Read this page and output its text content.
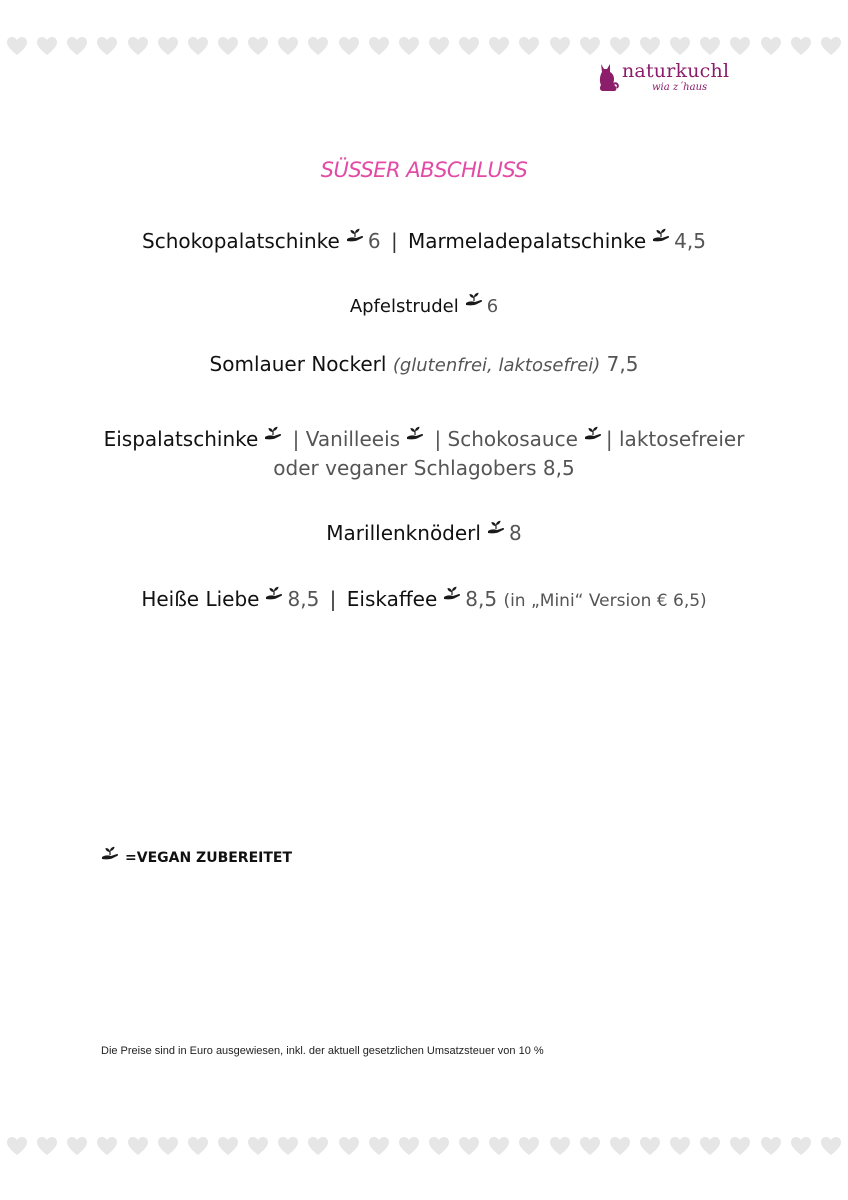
naturkuchl
wia z´haus
SÜSSER ABSCHLUSS
Schokopalatschinke 6 | Marmeladepalatschinke 4,5
Apfelstrudel 6
Somlauer Nockerl (glutenfrei, laktosefrei) 7,5
Eispalatschinke | Vanilleeis | Schokosauce | laktosefreier
oder veganer Schlagobers 8,5
Marillenknöderl 8
Heiße Liebe 8,5 | Eiskaffee 8,5 (in „Mini“ Version € 6,5)
=VEGAN ZUBEREITET
Die Preise sind in Euro ausgewiesen, inkl. der aktuell gesetzlichen Umsatzsteuer von 10 %
